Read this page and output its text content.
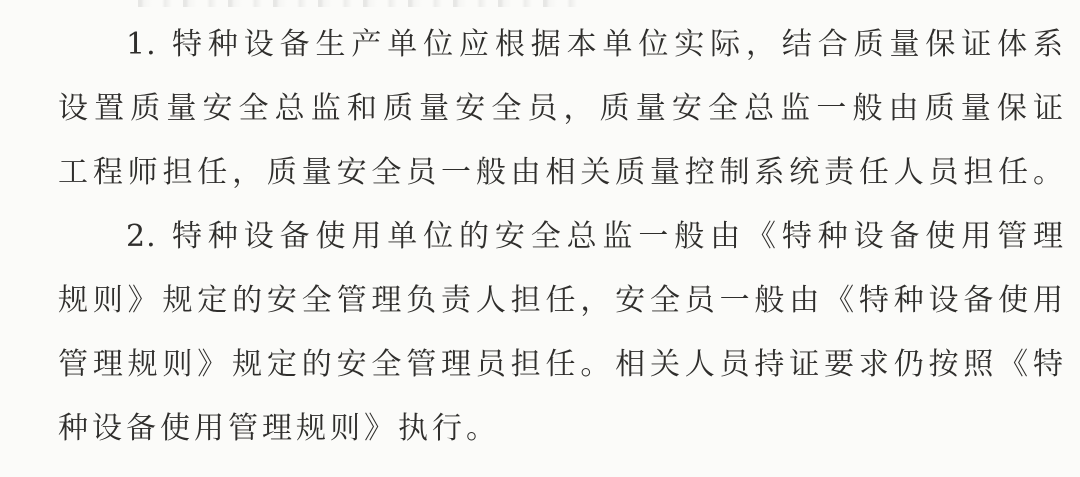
1. 特种设备生产单位应根据本单位实际，结合质量保证体系
设置质量安全总监和质量安全员，质量安全总监一般由质量保证
工程师担任，质量安全员一般由相关质量控制系统责任人员担任。
2. 特种设备使用单位的安全总监一般由《特种设备使用管理
规则》规定的安全管理负责人担任，安全员一般由《特种设备使用
管理规则》规定的安全管理员担任。相关人员持证要求仍按照《特
种设备使用管理规则》执行。
